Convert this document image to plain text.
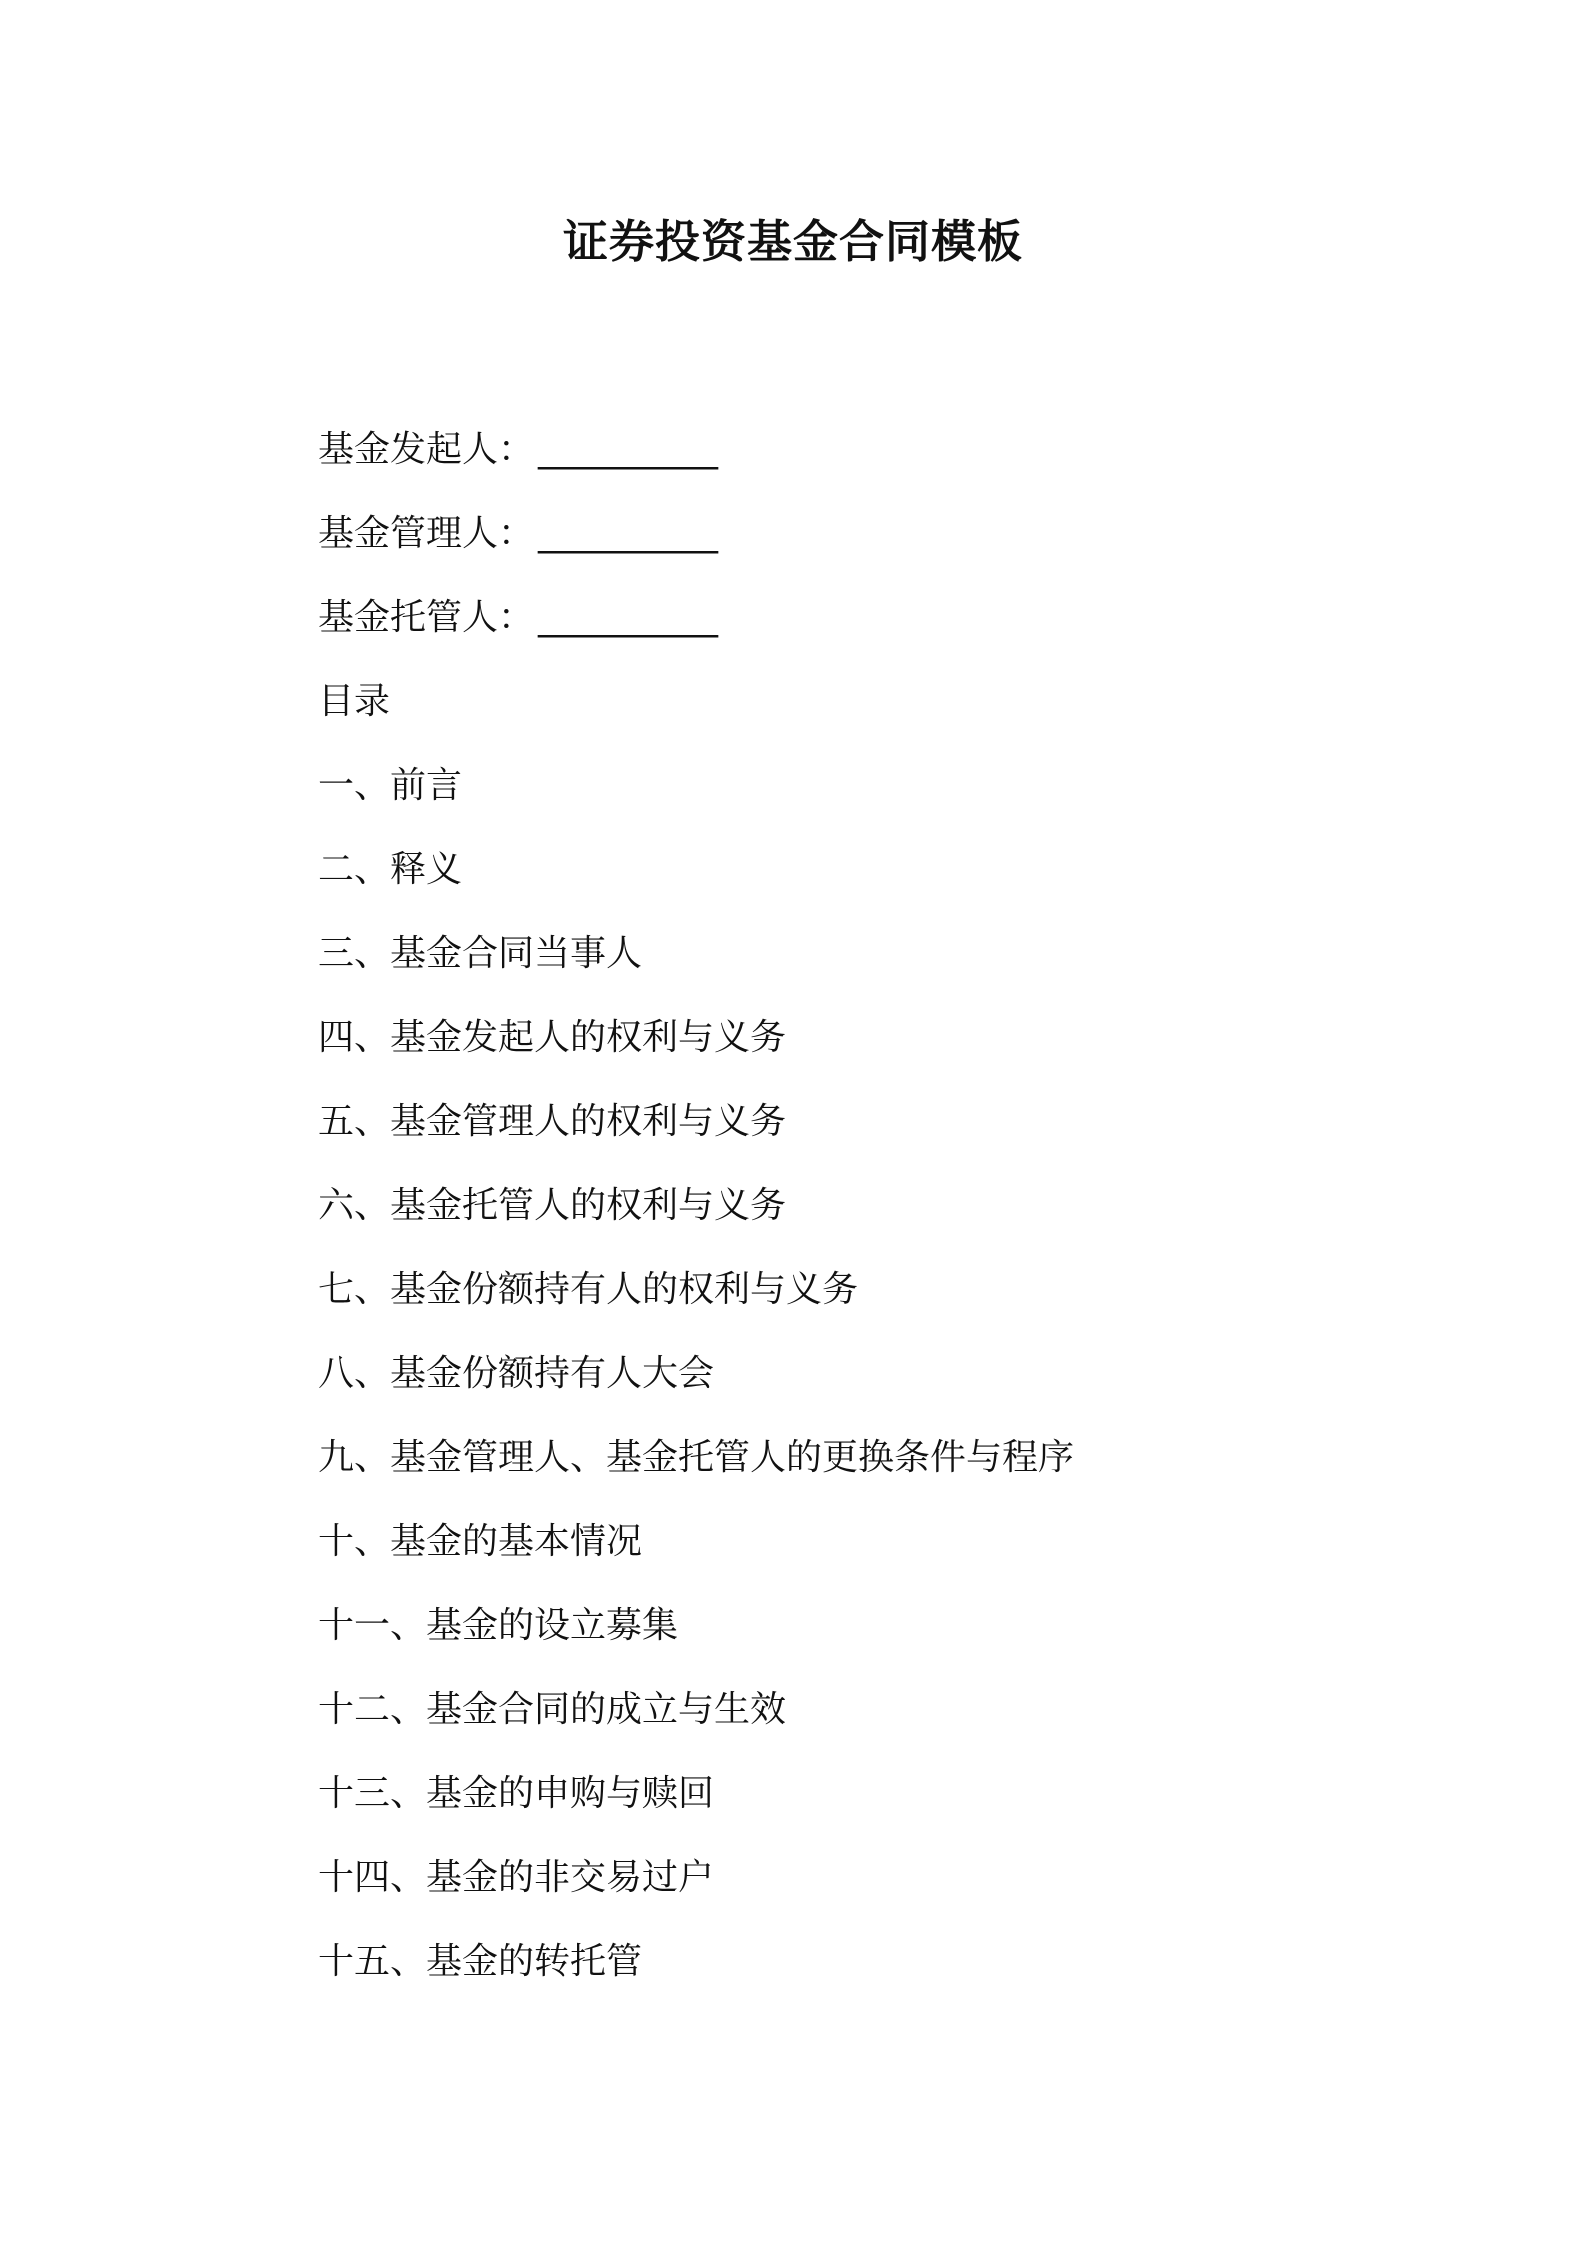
证券投资基金合同模板
基金发起人： __________
基金管理人： __________
基金托管人： __________
目录
一、前言
二、释义
三、基金合同当事人
四、基金发起人的权利与义务
五、基金管理人的权利与义务
六、基金托管人的权利与义务
七、基金份额持有人的权利与义务
八、基金份额持有人大会
九、基金管理人、基金托管人的更换条件与程序
十、基金的基本情况
十一、基金的设立募集
十二、基金合同的成立与生效
十三、基金的申购与赎回
十四、基金的非交易过户
十五、基金的转托管
